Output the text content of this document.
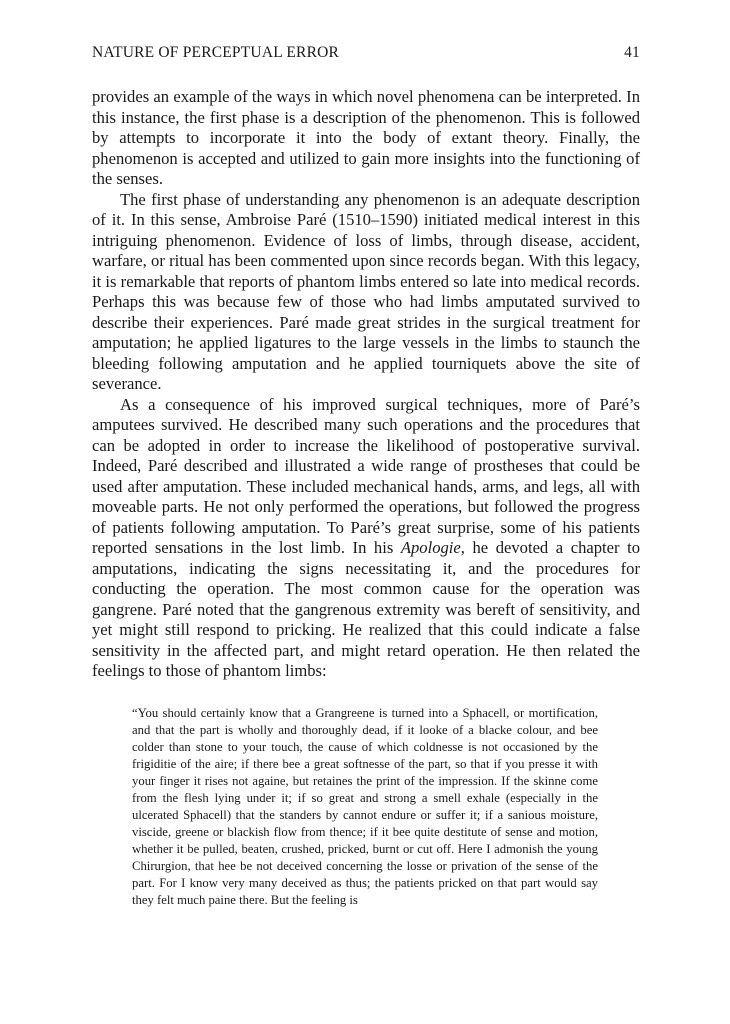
NATURE OF PERCEPTUAL ERROR	41

provides an example of the ways in which novel phenomena can be interpreted. In this instance, the first phase is a description of the phenomenon. This is followed by attempts to incorporate it into the body of extant theory. Finally, the phenomenon is accepted and utilized to gain more insights into the functioning of the senses.

The first phase of understanding any phenomenon is an adequate description of it. In this sense, Ambroise Paré (1510–1590) initiated medical interest in this intriguing phenomenon. Evidence of loss of limbs, through disease, accident, warfare, or ritual has been commented upon since records began. With this legacy, it is remarkable that reports of phantom limbs entered so late into medical records. Perhaps this was because few of those who had limbs amputated survived to describe their experiences. Paré made great strides in the surgical treatment for amputation; he applied ligatures to the large vessels in the limbs to staunch the bleeding following amputation and he applied tourniquets above the site of severance.

As a consequence of his improved surgical techniques, more of Paré’s amputees survived. He described many such operations and the procedures that can be adopted in order to increase the likelihood of postoperative survival. Indeed, Paré described and illustrated a wide range of prostheses that could be used after amputation. These included mechanical hands, arms, and legs, all with moveable parts. He not only performed the operations, but followed the progress of patients following amputation. To Paré’s great surprise, some of his patients reported sensations in the lost limb. In his Apologie, he devoted a chapter to amputations, indicating the signs necessitating it, and the procedures for conducting the operation. The most common cause for the operation was gangrene. Paré noted that the gangrenous extremity was bereft of sensitivity, and yet might still respond to pricking. He realized that this could indicate a false sensitivity in the affected part, and might retard operation. He then related the feelings to those of phantom limbs:

“You should certainly know that a Grangreene is turned into a Sphacell, or mortification, and that the part is wholly and thoroughly dead, if it looke of a blacke colour, and bee colder than stone to your touch, the cause of which coldnesse is not occasioned by the frigiditie of the aire; if there bee a great softnesse of the part, so that if you presse it with your finger it rises not againe, but retaines the print of the impression. If the skinne come from the flesh lying under it; if so great and strong a smell exhale (especially in the ulcerated Sphacell) that the standers by cannot endure or suffer it; if a sanious moisture, viscide, greene or blackish flow from thence; if it bee quite destitute of sense and motion, whether it be pulled, beaten, crushed, pricked, burnt or cut off. Here I admonish the young Chirurgion, that hee be not deceived concerning the losse or privation of the sense of the part. For I know very many deceived as thus; the patients pricked on that part would say they felt much paine there. But the feeling is
